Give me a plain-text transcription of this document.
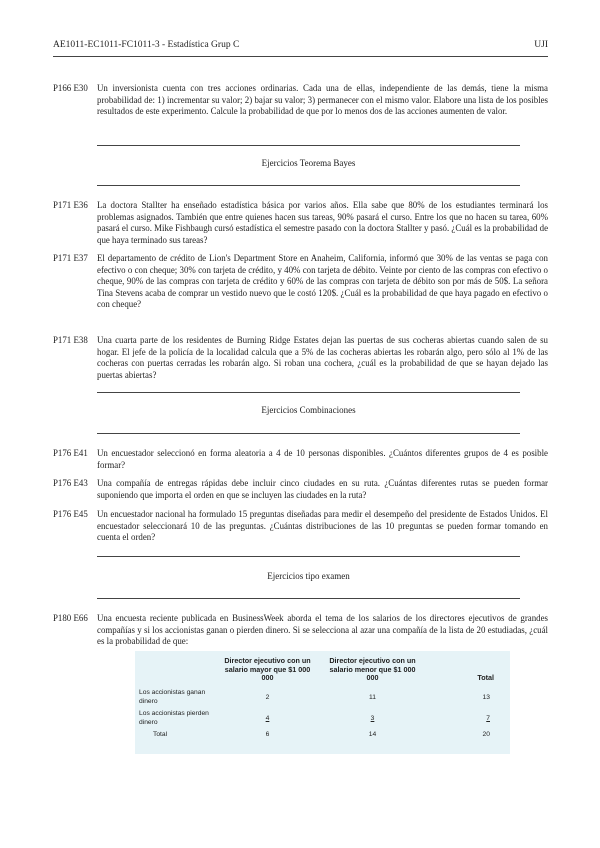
AE1011-EC1011-FC1011-3 - Estadística Grup C	UJI
P166 E30 Un inversionista cuenta con tres acciones ordinarias. Cada una de ellas, independiente de las demás, tiene la misma probabilidad de: 1) incrementar su valor; 2) bajar su valor; 3) permanecer con el mismo valor. Elabore una lista de los posibles resultados de este experimento. Calcule la probabilidad de que por lo menos dos de las acciones aumenten de valor.
Ejercicios Teorema Bayes
P171 E36 La doctora Stallter ha enseñado estadística básica por varios años. Ella sabe que 80% de los estudiantes terminará los problemas asignados. También que entre quienes hacen sus tareas, 90% pasará el curso. Entre los que no hacen su tarea, 60% pasará el curso. Mike Fishbaugh cursó estadística el semestre pasado con la doctora Stallter y pasó. ¿Cuál es la probabilidad de que haya terminado sus tareas?
P171 E37 El departamento de crédito de Lion's Department Store en Anaheim, California, informó que 30% de las ventas se paga con efectivo o con cheque; 30% con tarjeta de crédito, y 40% con tarjeta de débito. Veinte por ciento de las compras con efectivo o cheque, 90% de las compras con tarjeta de crédito y 60% de las compras con tarjeta de débito son por más de 50$. La señora Tina Stevens acaba de comprar un vestido nuevo que le costó 120$. ¿Cuál es la probabilidad de que haya pagado en efectivo o con cheque?
P171 E38 Una cuarta parte de los residentes de Burning Ridge Estates dejan las puertas de sus cocheras abiertas cuando salen de su hogar. El jefe de la policía de la localidad calcula que a 5% de las cocheras abiertas les robarán algo, pero sólo al 1% de las cocheras con puertas cerradas les robarán algo. Si roban una cochera, ¿cuál es la probabilidad de que se hayan dejado las puertas abiertas?
Ejercicios Combinaciones
P176 E41 Un encuestador seleccionó en forma aleatoria a 4 de 10 personas disponibles. ¿Cuántos diferentes grupos de 4 es posible formar?
P176 E43 Una compañía de entregas rápidas debe incluir cinco ciudades en su ruta. ¿Cuántas diferentes rutas se pueden formar suponiendo que importa el orden en que se incluyen las ciudades en la ruta?
P176 E45 Un encuestador nacional ha formulado 15 preguntas diseñadas para medir el desempeño del presidente de Estados Unidos. El encuestador seleccionará 10 de las preguntas. ¿Cuántas distribuciones de las 10 preguntas se pueden formar tomando en cuenta el orden?
Ejercicios tipo examen
P180 E66 Una encuesta reciente publicada en BusinessWeek aborda el tema de los salarios de los directores ejecutivos de grandes compañías y si los accionistas ganan o pierden dinero. Si se selecciona al azar una compañía de la lista de 20 estudiadas, ¿cuál es la probabilidad de que:
	Director ejecutivo con un salario mayor que $1 000 000	Director ejecutivo con un salario menor que $1 000 000	Total
Los accionistas ganan dinero	2	11	13
Los accionistas pierden dinero	4	3	7
Total	6	14	20
